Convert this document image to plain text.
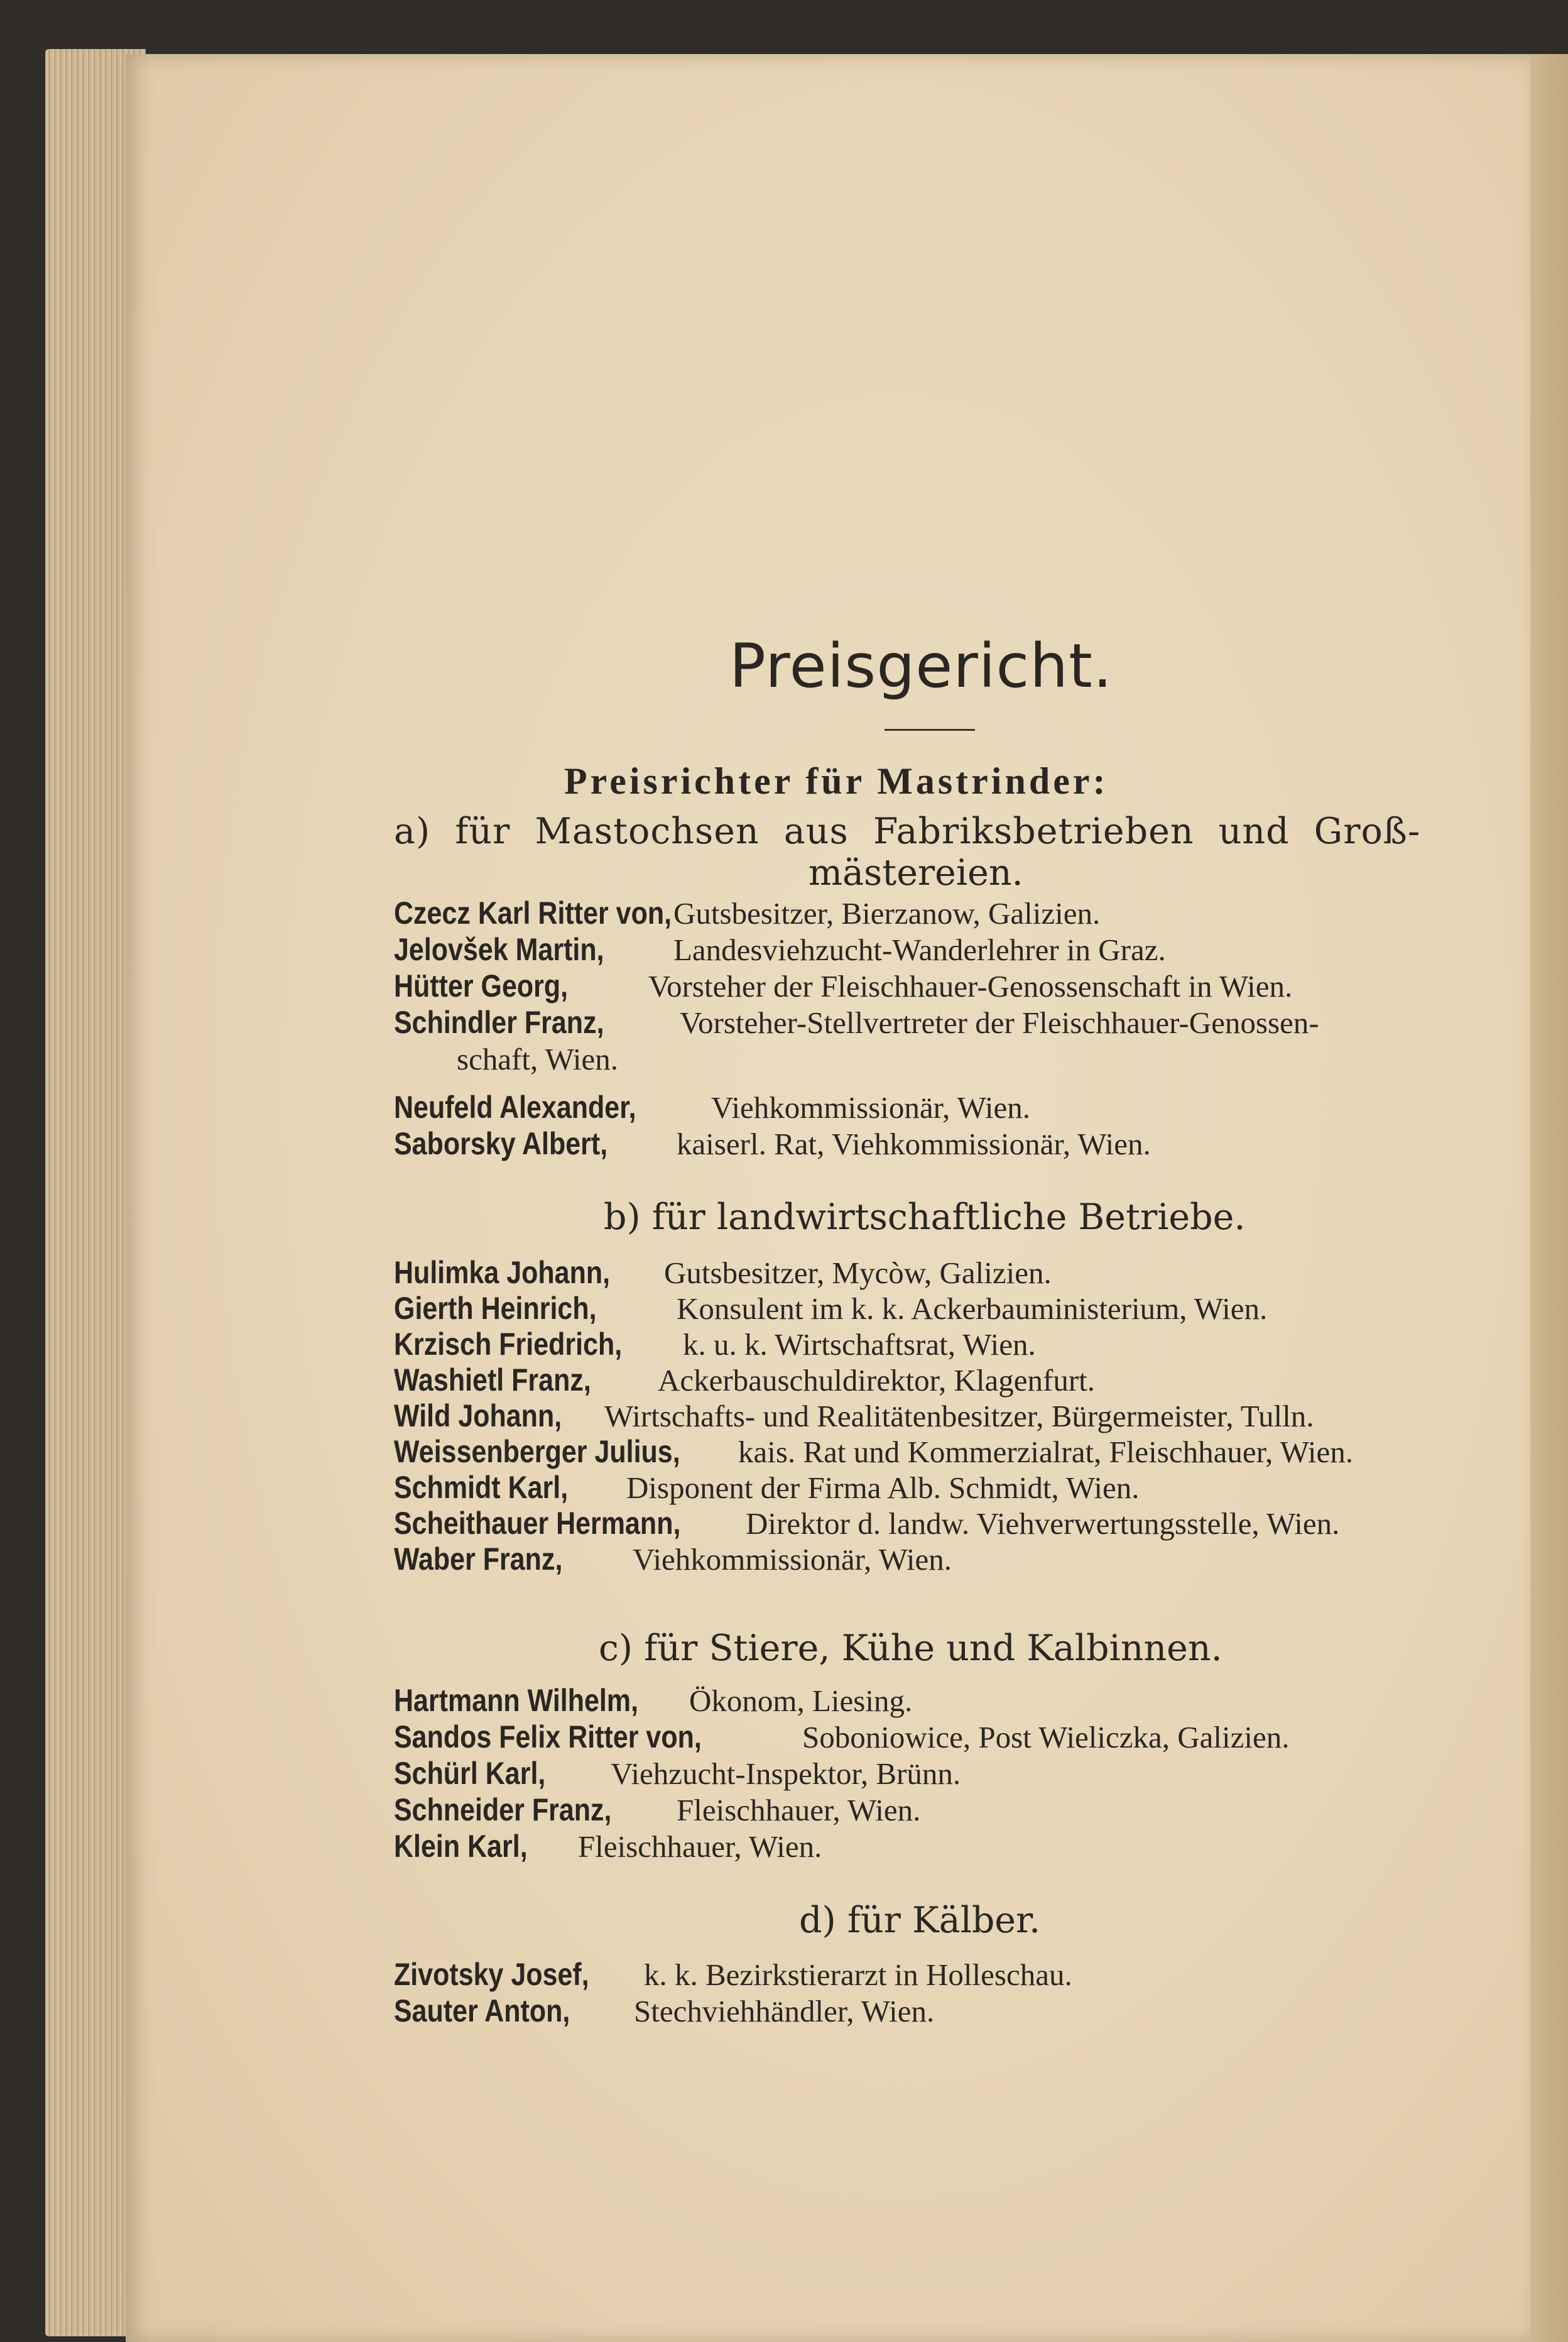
Preisgericht.
Preisrichter für Mastrinder:
a) für Mastochsen aus Fabriksbetrieben und Groß-
mästereien.

Czecz Karl Ritter von,Gutsbesitzer, Bierzanow, Galizien.

Jelovšek Martin, Landesviehzucht-Wanderlehrer in Graz.

Hütter Georg,	Vorsteher der Fleischhauer-Genossenschaft in Wien.

Schindler Franz, Vorsteher-Stellvertreter der Fleischhauer-Genossen-
schaft, Wien.

Neufeld Alexander, Viehkommissionär, Wien.

Saborsky Albert, kaiserl. Rat, Viehkommissionär, Wien.

b) für landwirtschaftliche Betriebe.

Hulimka Johann, Gutsbesitzer, Mycòw, Galizien.

Gierth Heinrich,	Konsulent im k. k. Ackerbauministerium, Wien.

Krzisch Friedrich, k. u. k. Wirtschaftsrat, Wien.

Washietl Franz, Ackerbauschuldirektor, Klagenfurt.

Wild Johann, Wirtschafts- und Realitätenbesitzer, Bürgermeister, Tulln.

Weissenberger Julius, kais. Rat und Kommerzialrat, Fleischhauer, Wien.

Schmidt Karl, Disponent der Firma Alb. Schmidt, Wien.

Scheithauer Hermann, Direktor d. landw. Viehverwertungsstelle, Wien.

Waber Franz, Viehkommissionär, Wien.

c) für Stiere, Kühe und Kalbinnen.

Hartmann Wilhelm, Ökonom, Liesing.

Sandos Felix Ritter von,	Soboniowice, Post Wieliczka, Galizien.

Schürl Karl, Viehzucht-Inspektor, Brünn.

Schneider Franz, Fleischhauer, Wien.

Klein Karl, Fleischhauer, Wien.

d) für Kälber.

Zivotsky Josef, k. k. Bezirkstierarzt in Holleschau.

Sauter Anton, Stechviehhändler, Wien.
